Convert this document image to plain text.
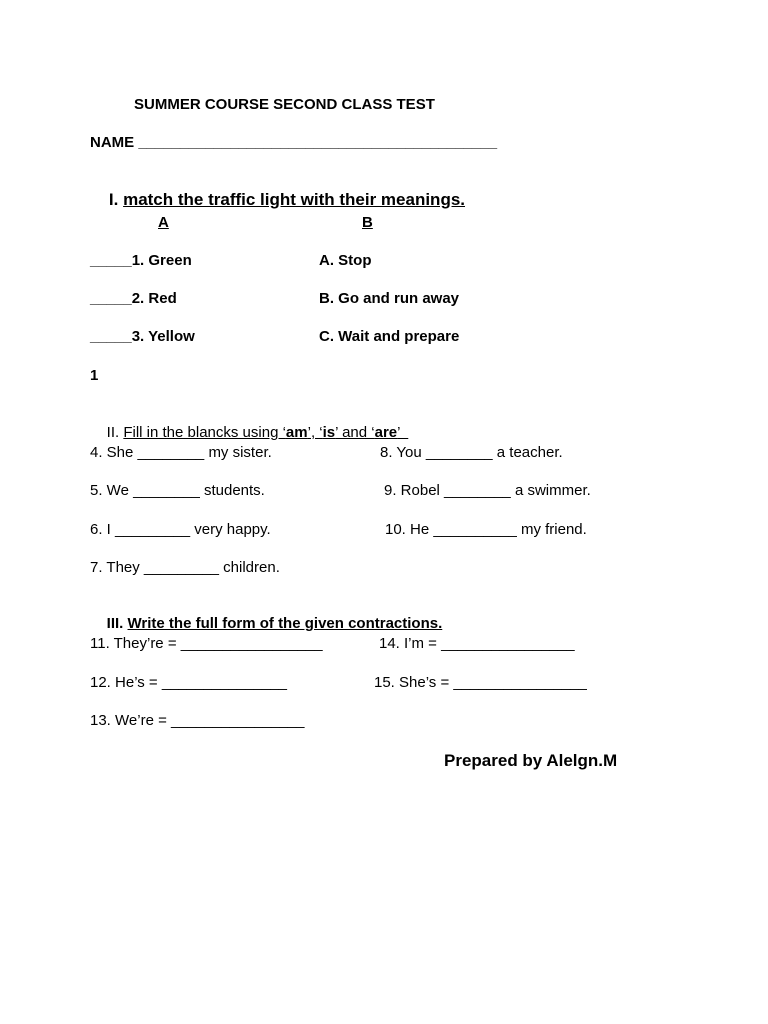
SUMMER COURSE SECOND CLASS TEST
NAME ___________________________________________

I. match the traffic light with their meanings.

A	B
_____1. Green	A. Stop
_____2. Red	B. Go and run away
_____3. Yellow	C. Wait and prepare
1

II. Fill in the blancks using ‘am’, ‘is’ and ‘are’

4. She ________ my sister.	8. You ________ a teacher.
5. We ________ students.	9. Robel ________ a swimmer.
6. I _________ very happy.	10. He __________ my friend.
7. They _________ children.

III. Write the full form of the given contractions.

11. They’re = _________________	14. I’m = ________________
12. He’s = _______________	15. She’s = ________________
13. We’re = ________________
Prepared by Alelgn.M
